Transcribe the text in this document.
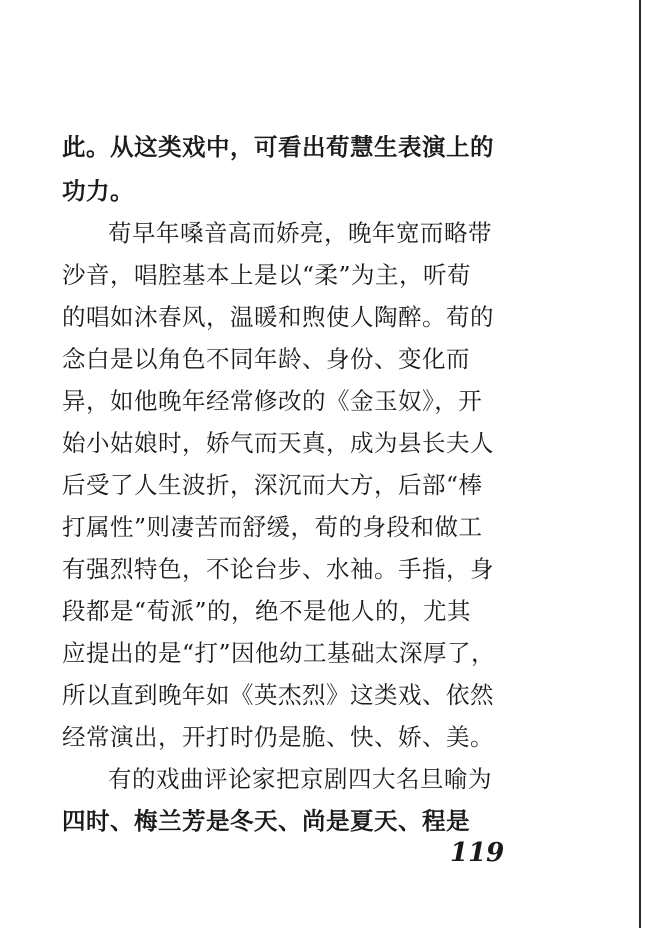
此。从这类戏中，可看出荀慧生表演上的
功力。
荀早年嗓音高而娇亮，晚年宽而略带
沙音，唱腔基本上是以“柔”为主，听荀
的唱如沐春风，温暖和煦使人陶醉。荀的
念白是以角色不同年龄、身份、变化而
异，如他晚年经常修改的《金玉奴》，开
始小姑娘时，娇气而天真，成为县长夫人
后受了人生波折，深沉而大方，后部“棒
打属性”则凄苦而舒缓，荀的身段和做工
有强烈特色，不论台步、水袖。手指，身
段都是“荀派”的，绝不是他人的，尤其
应提出的是“打”因他幼工基础太深厚了，
所以直到晚年如《英杰烈》这类戏、依然
经常演出，开打时仍是脆、快、娇、美。
有的戏曲评论家把京剧四大名旦喻为
四时、梅兰芳是冬天、尚是夏天、程是
119
